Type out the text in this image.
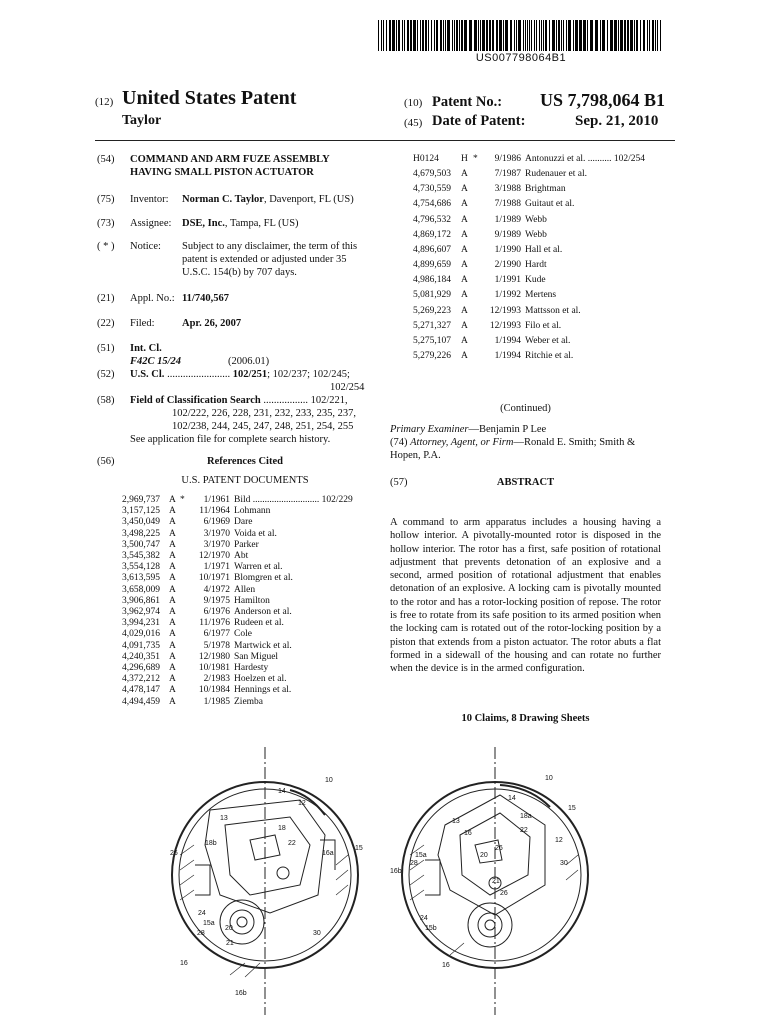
US007798064B1
(12) United States Patent
Taylor
(10) Patent No.: US 7,798,064 B1
(45) Date of Patent:	Sep. 21, 2010
(54) COMMAND AND ARM FUZE ASSEMBLY
HAVING SMALL PISTON ACTUATOR
(75) Inventor: Norman C. Taylor, Davenport, FL (US)
(73) Assignee: DSE, Inc., Tampa, FL (US)
( * ) Notice: Subject to any disclaimer, the term of this
patent is extended or adjusted under 35
U.S.C. 154(b) by 707 days.
(21) Appl. No.: 11/740,567
(22) Filed:	Apr. 26, 2007
(51) Int. Cl.
F42C 15/24	(2006.01)
(52) U.S. Cl. ........................ 102/251; 102/237; 102/245;
102/254
(58) Field of Classification Search ................. 102/221,
102/222, 226, 228, 231, 232, 233, 235, 237,
102/238, 244, 245, 247, 248, 251, 254, 255
See application file for complete search history.
(56)	References Cited
U.S. PATENT DOCUMENTS
2,969,737 A *	1/1961 Bild ............................ 102/229
3,157,125 A	11/1964 Lohmann
3,450,049 A	6/1969 Dare
3,498,225 A	3/1970 Voida et al.
3,500,747 A	3/1970 Parker
3,545,382 A	12/1970 Abt
3,554,128 A	1/1971 Warren et al.
3,613,595 A	10/1971 Blomgren et al.
3,658,009 A	4/1972 Allen
3,906,861 A	9/1975 Hamilton
3,962,974 A	6/1976 Anderson et al.
3,994,231 A	11/1976 Rudeen et al.
4,029,016 A	6/1977 Cole
4,091,735 A	5/1978 Martwick et al.
4,240,351 A	12/1980 San Miguel
4,296,689 A	10/1981 Hardesty
4,372,212 A	2/1983 Hoelzen et al.
4,478,147 A	10/1984 Hennings et al.
4,494,459 A	1/1985 Ziemba
H0124 H *	9/1986 Antonuzzi et al. .......... 102/254
4,679,503 A	7/1987 Rudenauer et al.
4,730,559 A	3/1988 Brightman
4,754,686 A	7/1988 Guitaut et al.
4,796,532 A	1/1989 Webb
4,869,172 A	9/1989 Webb
4,896,607 A	1/1990 Hall et al.
4,899,659 A	2/1990 Hardt
4,986,184 A	1/1991 Kude
5,081,929 A	1/1992 Mertens
5,269,223 A	12/1993 Mattsson et al.
5,271,327 A	12/1993 Filo et al.
5,275,107 A	1/1994 Weber et al.
5,279,226 A	1/1994 Ritchie et al.
(Continued)
Primary Examiner—Benjamin P Lee
(74) Attorney, Agent, or Firm—Ronald E. Smith; Smith &
Hopen, P.A.
(57)	ABSTRACT
A command to arm apparatus includes a housing having a hollow interior. A pivotally-mounted rotor is disposed in the hollow interior. The rotor has a first, safe position of rotational adjustment that prevents detonation of an explosive and a second, armed position of rotational adjustment that enables detonation of an explosive. A locking cam is pivotally mounted to the rotor and has a rotor-locking position of repose. The rotor is free to rotate from its safe position to its armed position when the locking cam is rotated out of the rotor-locking position by a piston that extends from a piston actuator. The rotor abuts a flat formed in a sidewall of the housing and can rotate no further when the device is in the armed configuration.
10 Claims, 8 Drawing Sheets
10
14
12
13
18
18b	22
15
16a
26
24
15a
28
20
21
30
16
16b
10
14
15
13
16
18a
22
12
15a
28
26
20
30
16b
21
26
24
15b
16
